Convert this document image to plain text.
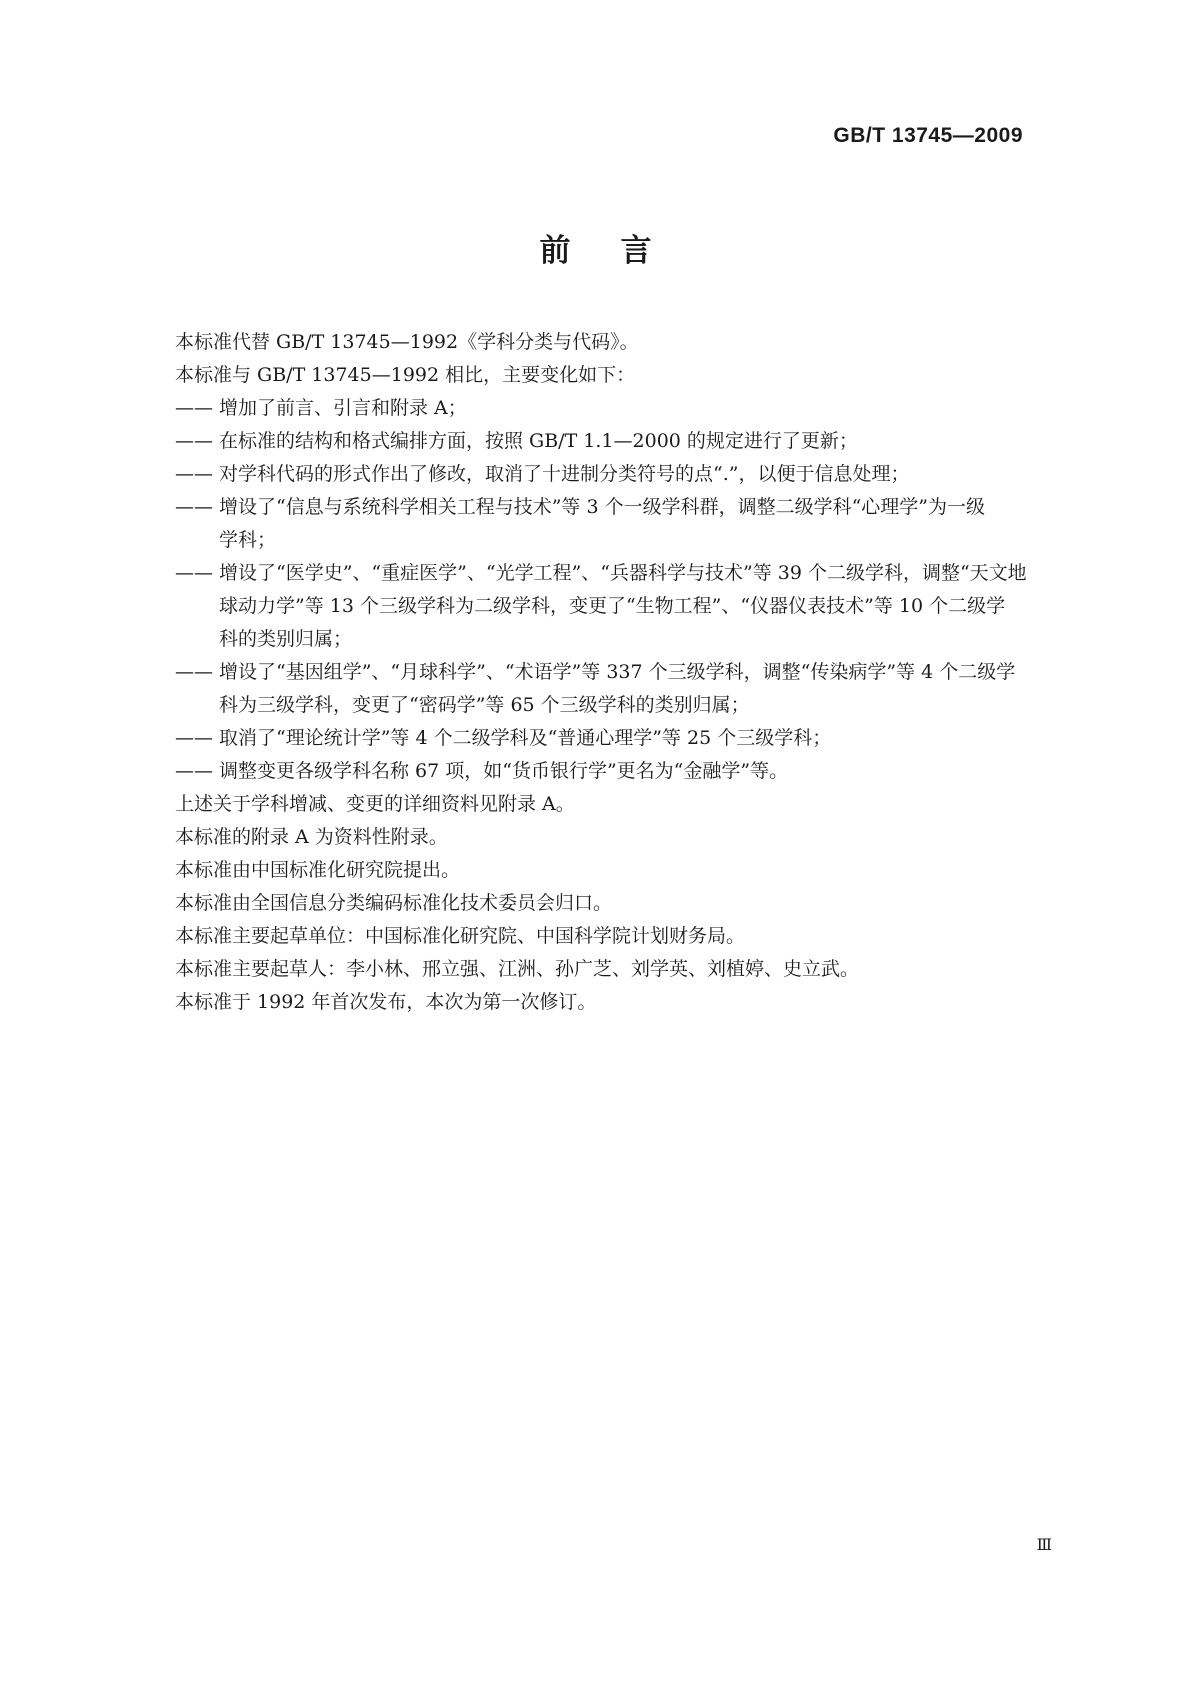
GB/T 13745—2009
前言

本标准代替 GB/T 13745—1992《学科分类与代码》。

本标准与 GB/T 13745—1992 相比，主要变化如下：

—— 增加了前言、引言和附录 A；
—— 在标准的结构和格式编排方面，按照 GB/T 1.1—2000 的规定进行了更新；
—— 对学科代码的形式作出了修改，取消了十进制分类符号的点“.”，以便于信息处理；
—— 增设了“信息与系统科学相关工程与技术”等 3 个一级学科群，调整二级学科“心理学”为一级

学科；

—— 增设了“医学史”、“重症医学”、“光学工程”、“兵器科学与技术”等 39 个二级学科，调整“天文地

球动力学”等 13 个三级学科为二级学科，变更了“生物工程”、“仪器仪表技术”等 10 个二级学

科的类别归属；

—— 增设了“基因组学”、“月球科学”、“术语学”等 337 个三级学科，调整“传染病学”等 4 个二级学

科为三级学科，变更了“密码学”等 65 个三级学科的类别归属；

—— 取消了“理论统计学”等 4 个二级学科及“普通心理学”等 25 个三级学科；
—— 调整变更各级学科名称 67 项，如“货币银行学”更名为“金融学”等。

上述关于学科增减、变更的详细资料见附录 A。

本标准的附录 A 为资料性附录。

本标准由中国标准化研究院提出。

本标准由全国信息分类编码标准化技术委员会归口。

本标准主要起草单位：中国标准化研究院、中国科学院计划财务局。

本标准主要起草人：李小林、邢立强、江洲、孙广芝、刘学英、刘植婷、史立武。

本标准于 1992 年首次发布，本次为第一次修订。

Ⅲ
